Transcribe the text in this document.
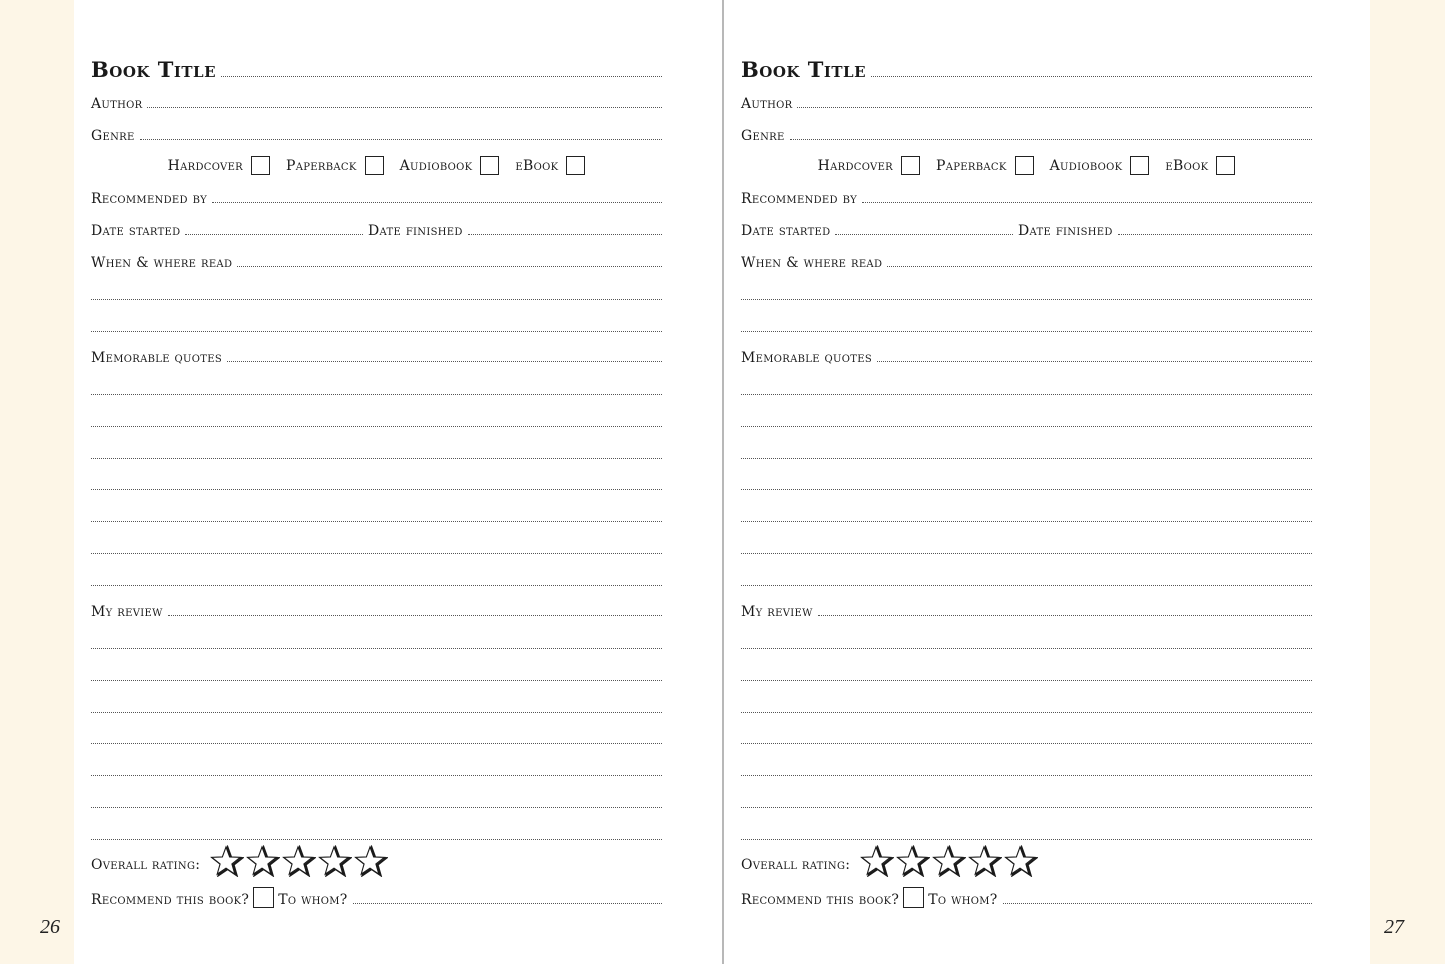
Book Title
Author
Genre
Hardcover	Paperback	Audiobook	eBook
Recommended by
Date started	Date finished
When & where read
Memorable quotes
My review
Overall rating:
Recommend this book? To whom?
Book Title
Author
Genre
Hardcover	Paperback	Audiobook	eBook
Recommended by
Date started	Date finished
When & where read
Memorable quotes
My review
Overall rating:
Recommend this book? To whom?
26	27
